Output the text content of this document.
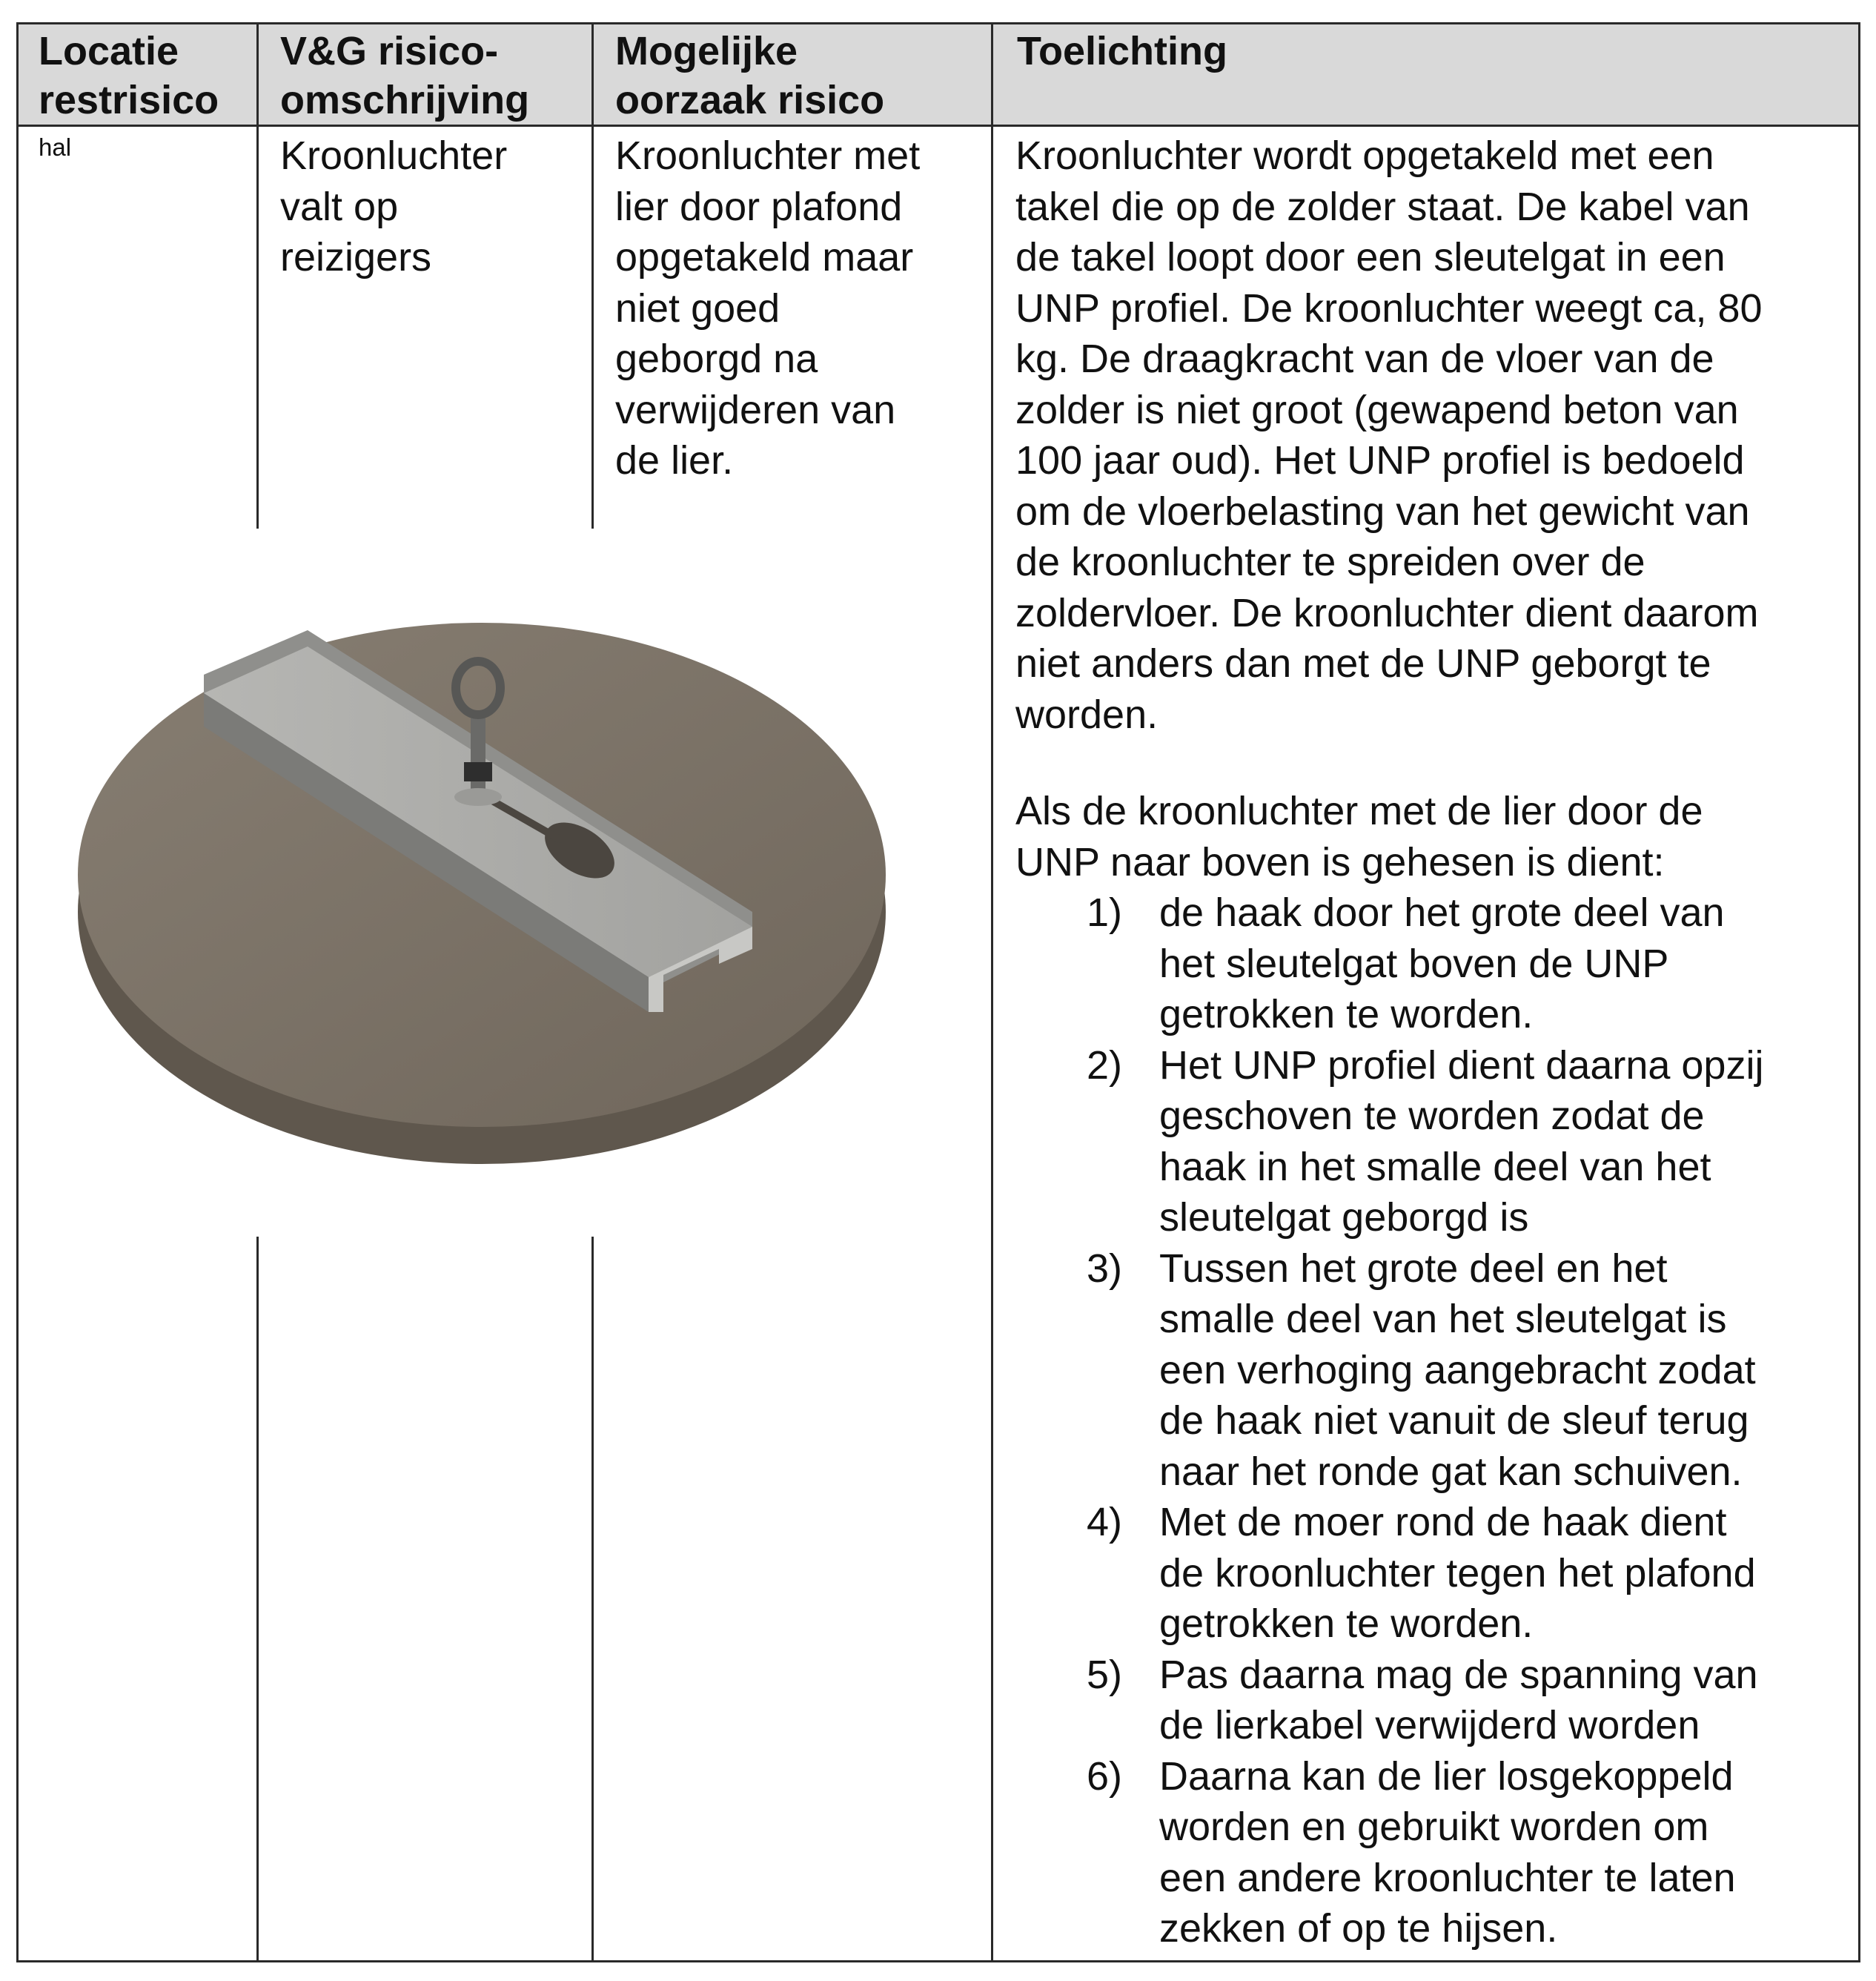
Locatie
restrisico
V&G risico-
omschrijving
Mogelijke
oorzaak risico
Toelichting
hal	Kroonluchter
valt op
reizigers
Kroonluchter met
lier door plafond
opgetakeld maar
niet goed
geborgd na
verwijderen van
de lier.
Kroonluchter wordt opgetakeld met een
takel die op de zolder staat. De kabel van
de takel loopt door een sleutelgat in een
UNP profiel. De kroonluchter weegt ca, 80
kg. De draagkracht van de vloer van de
zolder is niet groot (gewapend beton van
100 jaar oud). Het UNP profiel is bedoeld
om de vloerbelasting van het gewicht van
de kroonluchter te spreiden over de
zoldervloer. De kroonluchter dient daarom
niet anders dan met de UNP geborgt te
worden.
Als de kroonluchter met de lier door de
UNP naar boven is gehesen is dient:
1) de haak door het grote deel van
het sleutelgat boven de UNP
getrokken te worden.
2) Het UNP profiel dient daarna opzij
geschoven te worden zodat de
haak in het smalle deel van het
sleutelgat geborgd is
3) Tussen het grote deel en het
smalle deel van het sleutelgat is
een verhoging aangebracht zodat
de haak niet vanuit de sleuf terug
naar het ronde gat kan schuiven.
4) Met de moer rond de haak dient
de kroonluchter tegen het plafond
getrokken te worden.
5) Pas daarna mag de spanning van
de lierkabel verwijderd worden
6) Daarna kan de lier losgekoppeld
worden en gebruikt worden om
een andere kroonluchter te laten
zekken of op te hijsen.
